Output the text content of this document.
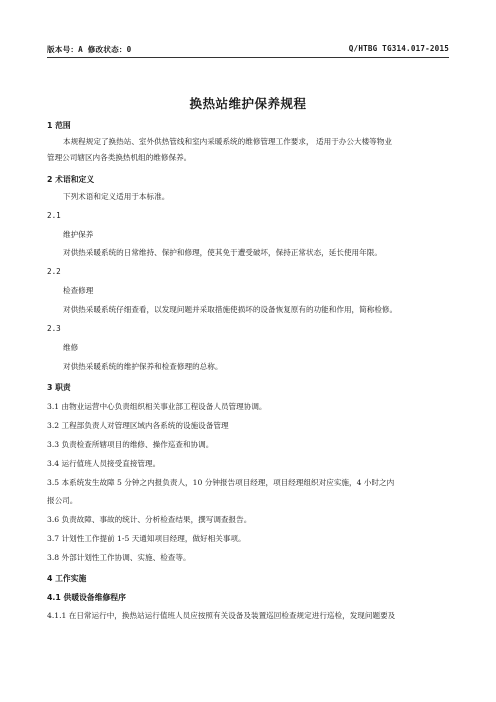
版本号：A 修改状态：0	Q/HTBG TG314.017-2015
换热站维护保养规程
1 范围
本规程规定了换热站、室外供热管线和室内采暖系统的维修管理工作要求， 适用于办公大楼等物业
管理公司辖区内各类换热机组的维修保养。
2 术语和定义
下列术语和定义适用于本标准。
2.1
维护保养
对供热采暖系统的日常维持、保护和修理，使其免于遭受破坏，保持正常状态，延长使用年限。
2.2
检查修理
对供热采暖系统仔细查看，以发现问题并采取措施使损坏的设备恢复原有的功能和作用，简称检修。
2.3
维修
对供热采暖系统的维护保养和检查修理的总称。
3 职责
3.1 由物业运营中心负责组织相关事业部工程设备人员管理协调。
3.2 工程部负责人对管理区域内各系统的设施设备管理
3.3 负责检查所辖项目的维修、操作巡查和协调。
3.4 运行值班人员接受直接管理。
3.5 本系统发生故障 5 分钟之内报负责人，10 分钟报告项目经理，项目经理组织对应实施，4 小时之内
报公司。
3.6 负责故障、事故的统计、分析检查结果，撰写调查报告。
3.7 计划性工作提前 1-5 天通知项目经理，做好相关事项。
3.8 外部计划性工作协调、实施、检查等。
4 工作实施
4.1 供暖设备维修程序
4.1.1 在日常运行中，换热站运行值班人员应按照有关设备及装置巡回检查规定进行巡检，发现问题要及
